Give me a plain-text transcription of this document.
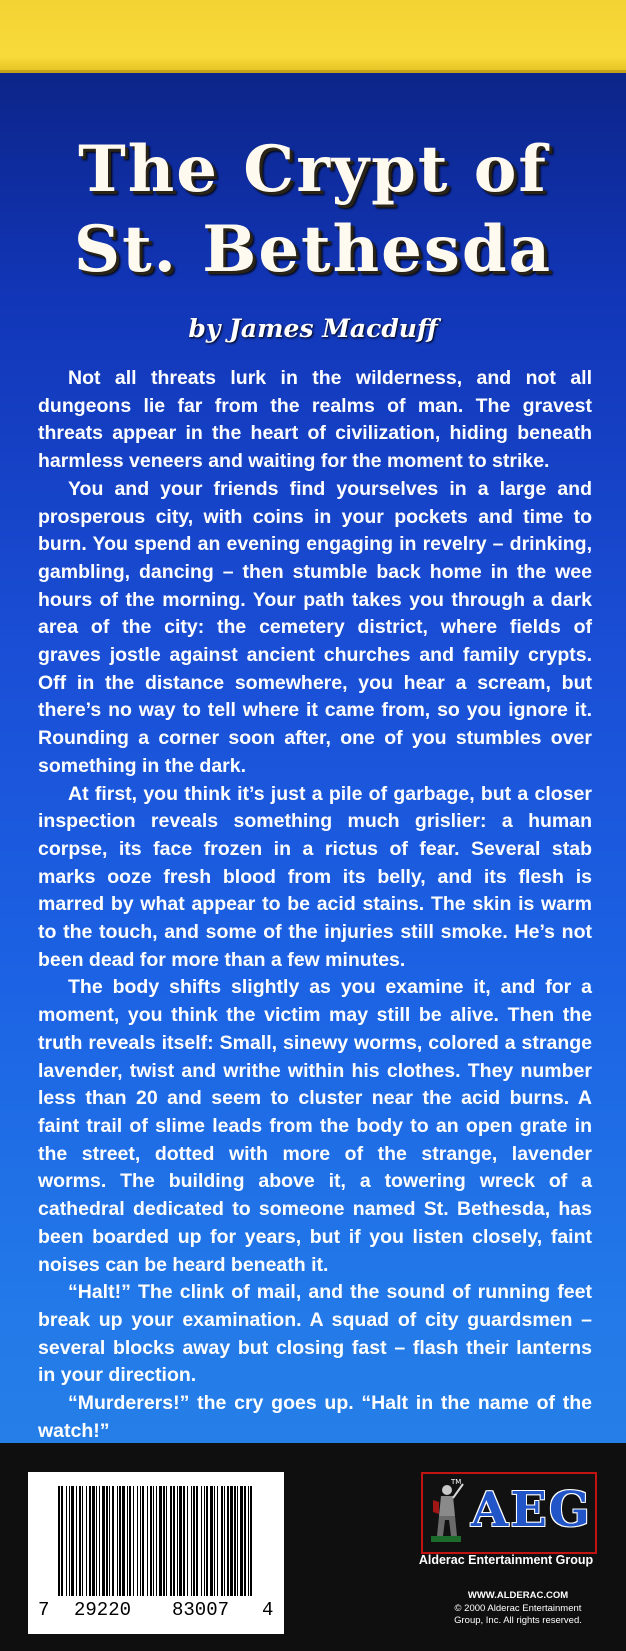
The Crypt of
St. Bethesda
by James Macduff

Not all threats lurk in the wilderness, and not all dungeons lie far from the realms of man. The gravest threats appear in the heart of civilization, hiding beneath harmless veneers and waiting for the moment to strike.

You and your friends find yourselves in a large and prosperous city, with coins in your pockets and time to burn. You spend an evening engaging in revelry – drinking, gambling, dancing – then stumble back home in the wee hours of the morning. Your path takes you through a dark area of the city: the cemetery district, where fields of graves jostle against ancient churches and family crypts. Off in the distance somewhere, you hear a scream, but there’s no way to tell where it came from, so you ignore it. Rounding a corner soon after, one of you stumbles over something in the dark.

At first, you think it’s just a pile of garbage, but a closer inspection reveals something much grislier: a human corpse, its face frozen in a rictus of fear. Several stab marks ooze fresh blood from its belly, and its flesh is marred by what appear to be acid stains. The skin is warm to the touch, and some of the injuries still smoke. He’s not been dead for more than a few minutes.

The body shifts slightly as you examine it, and for a moment, you think the victim may still be alive. Then the truth reveals itself: Small, sinewy worms, colored a strange lavender, twist and writhe within his clothes. They number less than 20 and seem to cluster near the acid burns. A faint trail of slime leads from the body to an open grate in the street, dotted with more of the strange, lavender worms. The building above it, a towering wreck of a cathedral dedicated to someone named St. Bethesda, has been boarded up for years, but if you listen closely, faint noises can be heard beneath it.

“Halt!” The clink of mail, and the sound of running feet break up your examination. A squad of city guardsmen – several blocks away but closing fast – flash their lanterns in your direction.

“Murderers!” the cry goes up. “Halt in the name of the watch!”

7 29220 83007 4
TM AEG
Alderac Entertainment Group
WWW.ALDERAC.COM
© 2000 Alderac Entertainment
Group, Inc. All rights reserved.
